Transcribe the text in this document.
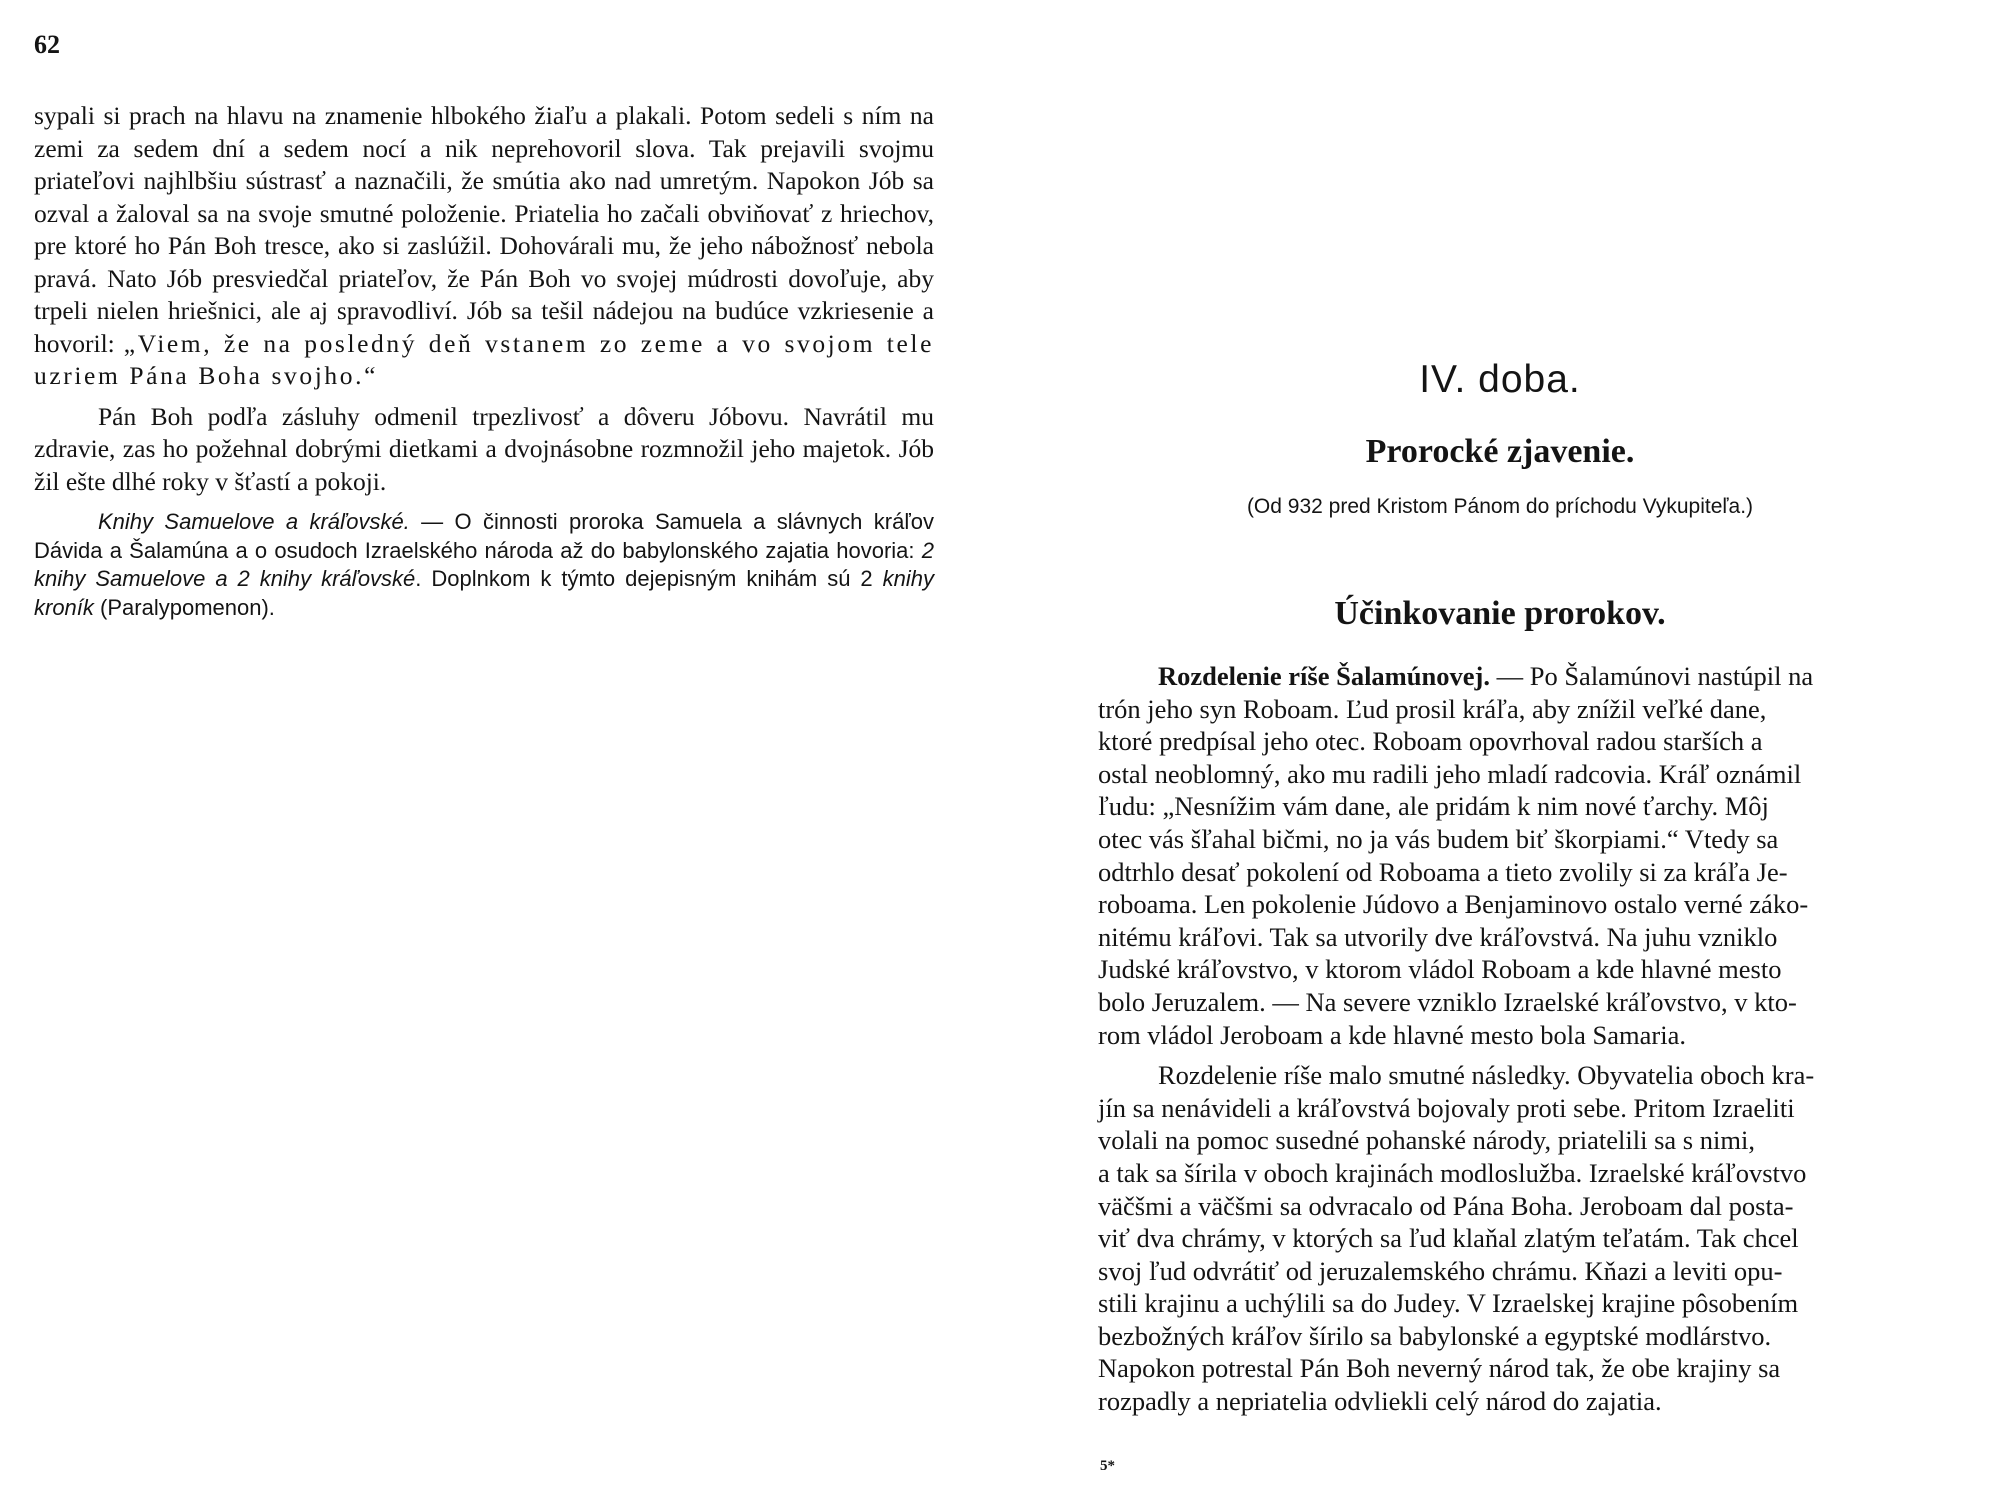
62

sypali si prach na hlavu na znamenie hlbokého žiaľu a plakali. Potom sedeli s ním na zemi za sedem dní a sedem nocí a nik neprehovoril slova. Tak prejavili svojmu priateľovi najhlbšiu sústrasť a naznačili, že smútia ako nad umretým. Napokon Jób sa ozval a žaloval sa na svoje smutné položenie. Priatelia ho začali obviňovať z hriechov, pre ktoré ho Pán Boh tresce, ako si zaslúžil. Dohovárali mu, že jeho nábožnosť nebola pravá. Nato Jób presviedčal priateľov, že Pán Boh vo svojej múdrosti dovoľuje, aby trpeli nielen hriešnici, ale aj spravodliví. Jób sa tešil nádejou na budúce vzkriesenie a hovoril: „Viem, že na posledný deň vstanem zo zeme a vo svojom tele uzriem Pána Boha svojho.“

Pán Boh podľa zásluhy odmenil trpezlivosť a dôveru Jóbovu. Navrátil mu zdravie, zas ho požehnal dobrými dietkami a dvojnásobne rozmnožil jeho majetok. Jób žil ešte dlhé roky v šťastí a pokoji.

Knihy Samuelove a kráľovské. — O činnosti proroka Samuela a slávnych kráľov Dávida a Šalamúna a o osudoch Izraelského národa až do babylonského zajatia hovoria: 2 knihy Samuelove a 2 knihy kráľovské. Doplnkom k týmto dejepisným knihám sú 2 knihy kroník (Paralypomenon).

IV. doba.
Prorocké zjavenie.
(Od 932 pred Kristom Pánom do príchodu Vykupiteľa.)
Účinkovanie prorokov.

Rozdelenie ríše Šalamúnovej. — Po Šalamúnovi nastúpil na
trón jeho syn Roboam. Ľud prosil kráľa, aby znížil veľké dane,
ktoré predpísal jeho otec. Roboam opovrhoval radou starších a
ostal neoblomný, ako mu radili jeho mladí radcovia. Kráľ oznámil
ľudu: „Nesnížim vám dane, ale pridám k nim nové ťarchy. Môj
otec vás šľahal bičmi, no ja vás budem biť škorpiami.“ Vtedy sa
odtrhlo desať pokolení od Roboama a tieto zvolily si za kráľa Je-
roboama. Len pokolenie Júdovo a Benjaminovo ostalo verné záko-
nitému kráľovi. Tak sa utvorily dve kráľovstvá. Na juhu vzniklo
Judské kráľovstvo, v ktorom vládol Roboam a kde hlavné mesto
bolo Jeruzalem. — Na severe vzniklo Izraelské kráľovstvo, v kto-
rom vládol Jeroboam a kde hlavné mesto bola Samaria.

Rozdelenie ríše malo smutné následky. Obyvatelia oboch kra-
jín sa nenávideli a kráľovstvá bojovaly proti sebe. Pritom Izraeliti
volali na pomoc susedné pohanské národy, priatelili sa s nimi,
a tak sa šírila v oboch krajinách modloslužba. Izraelské kráľovstvo
väčšmi a väčšmi sa odvracalo od Pána Boha. Jeroboam dal posta-
viť dva chrámy, v ktorých sa ľud klaňal zlatým teľatám. Tak chcel
svoj ľud odvrátiť od jeruzalemského chrámu. Kňazi a leviti opu-
stili krajinu a uchýlili sa do Judey. V Izraelskej krajine pôsobením
bezbožných kráľov šírilo sa babylonské a egyptské modlárstvo.
Napokon potrestal Pán Boh neverný národ tak, že obe krajiny sa
rozpadly a nepriatelia odvliekli celý národ do zajatia.

5*
